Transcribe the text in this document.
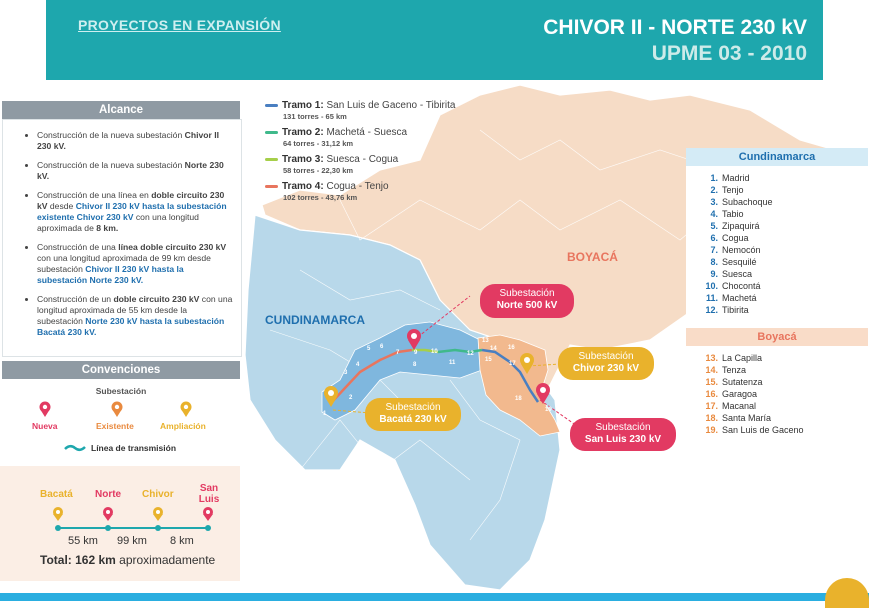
PROYECTOS EN EXPANSIÓN	CHIVOR II - NORTE 230 kV
UPME 03 - 2010
1
2
3
4
5 6
7
8
9 10
11
12
13
14
15
16
17
18
19
CUNDINAMARCA
BOYACÁ
Subestación
Norte 500 kV
Subestación
Chivor 230 kV
Subestación
Bacatá 230 kV
Subestación
San Luis 230 kV
Tramo 1: San Luis de Gaceno - Tibirita
131 torres - 65 km
Tramo 2: Machetá - Suesca
64 torres - 31,12 km
Tramo 3: Suesca - Cogua
58 torres - 22,30 km
Tramo 4: Cogua - Tenjo
102 torres - 43,76 km
Alcance
• Construcción de la nueva subestación Chivor II 230 kV.
• Construcción de la nueva subestación Norte 230 kV.
• Construcción de una línea en doble circuito 230 kV desde Chivor II 230 kV hasta la subestación existente Chivor 230 kV con una longitud aproximada de 8 km.
• Construcción de una línea doble circuito 230 kV con una longitud aproximada de 99 km desde subestación Chivor II 230 kV hasta la subestación Norte 230 kV.
• Construcción de un doble circuito 230 kV con una longitud aproximada de 55 km desde la subestación Norte 230 kV hasta la subestación Bacatá 230 kV.
Convenciones
Subestación
Nueva	Existente	Ampliación
Línea de transmisión
Bacatá Norte Chivor
San Luis
55 km 99 km 8 km
Total: 162 km aproximadamente
Cundinamarca
1. Madrid
2. Tenjo
3. Subachoque
4. Tabio
5. Zipaquirá
6. Cogua
7. Nemocón
8. Sesquilé
9. Suesca
10. Chocontá
11. Machetá
12. Tibirita
Boyacá
13. La Capilla
14. Tenza
15. Sutatenza
16. Garagoa
17. Macanal
18. Santa María
19. San Luis de Gaceno
